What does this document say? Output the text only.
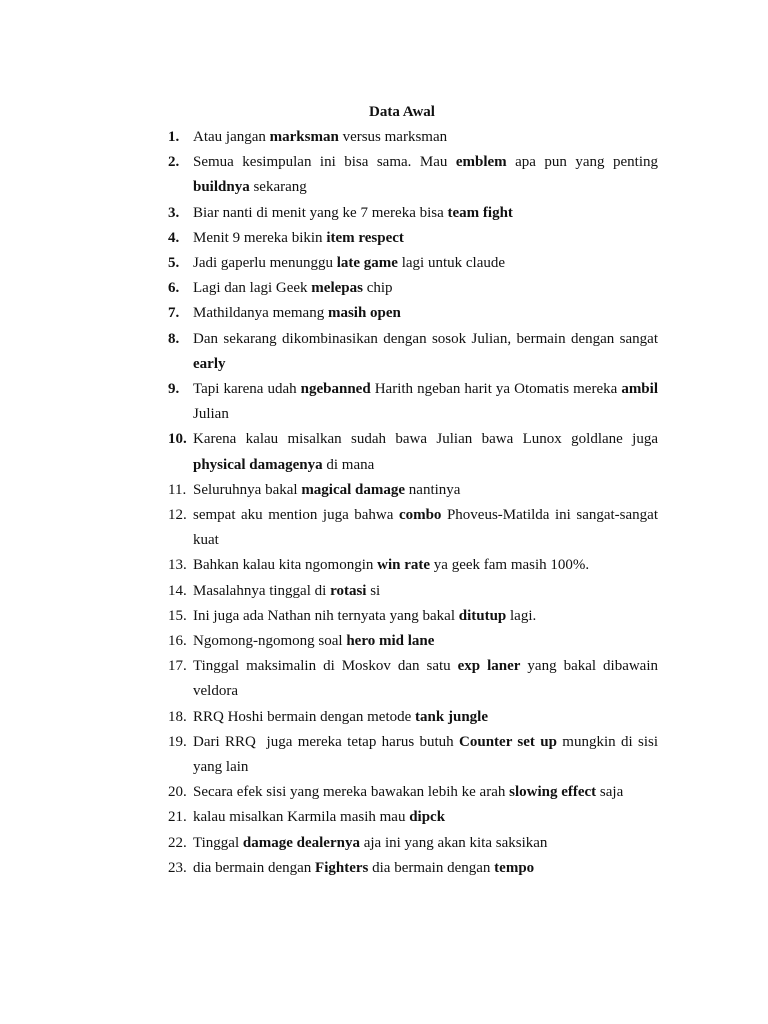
Data Awal
1. Atau jangan marksman versus marksman
2. Semua kesimpulan ini bisa sama. Mau emblem apa pun yang penting buildnya sekarang
3. Biar nanti di menit yang ke 7 mereka bisa team fight
4. Menit 9 mereka bikin item respect
5. Jadi gaperlu menunggu late game lagi untuk claude
6. Lagi dan lagi Geek melepas chip
7. Mathildanya memang masih open
8. Dan sekarang dikombinasikan dengan sosok Julian, bermain dengan sangat early
9. Tapi karena udah ngebanned Harith ngeban harit ya Otomatis mereka ambil Julian
10. Karena kalau misalkan sudah bawa Julian bawa Lunox goldlane juga physical damagenya di mana
11. Seluruhnya bakal magical damage nantinya
12. sempat aku mention juga bahwa combo Phoveus-Matilda ini sangat-sangat kuat
13. Bahkan kalau kita ngomongin win rate ya geek fam masih 100%.
14. Masalahnya tinggal di rotasi si
15. Ini juga ada Nathan nih ternyata yang bakal ditutup lagi.
16. Ngomong-ngomong soal hero mid lane
17. Tinggal maksimalin di Moskov dan satu exp laner yang bakal dibawain veldora
18. RRQ Hoshi bermain dengan metode tank jungle
19. Dari RRQ  juga mereka tetap harus butuh Counter set up mungkin di sisi yang lain
20. Secara efek sisi yang mereka bawakan lebih ke arah slowing effect saja
21. kalau misalkan Karmila masih mau dipck
22. Tinggal damage dealernya aja ini yang akan kita saksikan
23. dia bermain dengan Fighters dia bermain dengan tempo
